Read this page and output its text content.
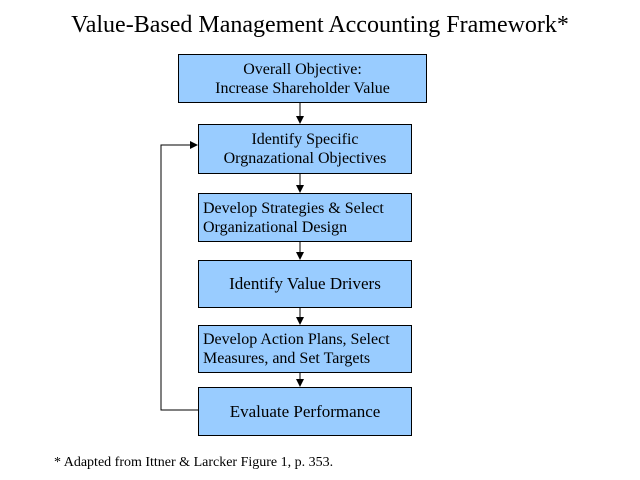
Value-Based Management Accounting Framework*
Overall Objective:
Increase Shareholder Value
Identify Specific
Orgnazational Objectives
Develop Strategies & Select
Organizational Design
Identify Value Drivers
Develop Action Plans, Select
Measures, and Set Targets
Evaluate Performance
* Adapted from Ittner & Larcker Figure 1, p. 353.
